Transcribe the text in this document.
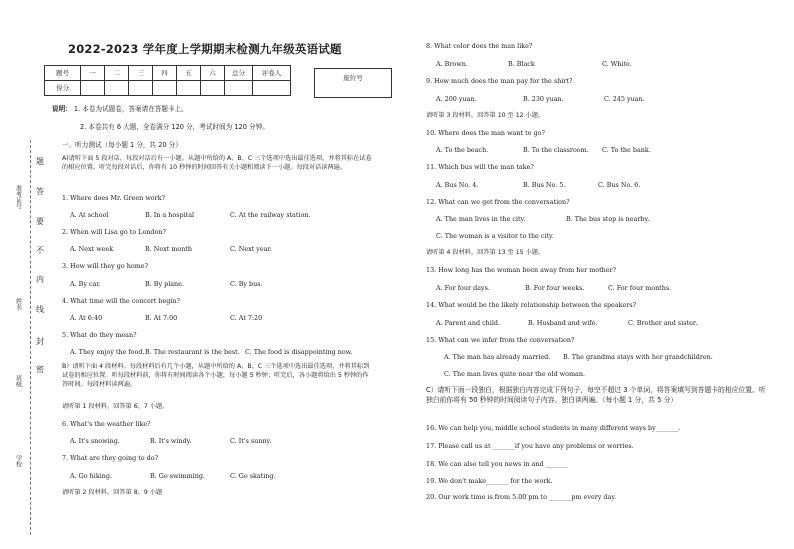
题
答
要
不
内
线
封
密
准考证号
姓名
班级
学校
2022-2023 学年度上学期期末检测九年级英语试题
题号	一	二	三	四	五	六	总分	评卷人
得分								
座位号
说明： 1. 本卷为试题卷，答案请在答题卡上。
2. 本卷共有 6 大题，全卷满分 120 分，考试时间为 120 分钟。
一、听力测试（每小题 1 分，共 20 分）
A)请听下面 5 段对话，每段对话后有一小题。从题中所给的 A、B、C 三个选项中选出最佳选项，并将其标在试卷的相应位置。听完每段对话后，你将有 10 秒钟的时间回答有关小题和阅读下一小题。每段对话读两遍。
1. Where does Mr. Green work?
A. At school	B. In a hospital	C. At the railway station.
2. When will Lisa go to London?
A. Next week	B. Next month	C. Next year.
3. How will they go home?
A. By car.	B. By plane.	C. By bus.
4. What time will the concert begin?
A. At 6:40	B. At 7:00	C. At 7:20
5. What do they mean?
A. They enjoy the food. B. The restaurant is the best. C. The food is disappointing now.
B）请听下面 4 段材料。每段材料后有几个小题，从题中所给的 A、B、C 三个选项中选出最佳选项，并将其标到试卷的相应位置。听每段材料前，你将有时间阅读各个小题，每小题 5 秒钟；听完后，各小题将给出 5 秒钟的作答时间。每段材料读两遍。
请听第 1 段材料，回答第 6、7 小题。
6. What's the weather like?
A. It's snowing.	B. It's windy.	C. It's sunny.
7. What are they going to do?
A. Go hiking.	B. Go swimming.	C. Go skating.
请听第 2 段材料，回答第 8、9 小题
8. What color does the man like?
A. Brown.	B. Black	C. White.
9. How much does the man pay for the shirt?
A. 200 yuan.	B. 230 yuan.	C. 245 yuan.
请听第 3 段材料，回答第 10 至 12 小题。
10. Where does the man want to go?
A. To the beach.	B. To the classroom. C. To the bank.
11. Which bus will the man take?
A. Bus No. 4.	B. Bus No. 5.	C. Bus No. 6.
12. What can we get from the conversation?
A. The man lives in the city.	B. The bus stop is nearby.
C. The woman is a visitor to the city.
请听第 4 段材料，回答第 13 至 15 小题。
13. How long has the woman been away from her mother?
A. For four days.	B. For four weeks.	C. For four months.
14. What would be the likely relationship between the speakers?
A. Parent and child.	B. Husband and wife.	C. Brother and sister.
15. What can we infer from the conversation?
A. The man has already married. B. The grandma stays with her grandchildren.
C. The man lives quite near the old woman.
C）请听下面一段独白，根据独白内容完成下列句子，每空不超过 3 个单词，将答案填写到答题卡的相应位置。听独白前你将有 50 秒钟的时间阅读句子内容。独白读两遍。（每小题 1 分，共 5 分）
16. We can help you, middle school students in many different ways by_______.
17. Please call us at _______if you have any problems or worries.
18. We can also tell you news in and _______
19. We don't make_______ for the work.
20. Our work time is from 5.00 pm to _______pm every day.
